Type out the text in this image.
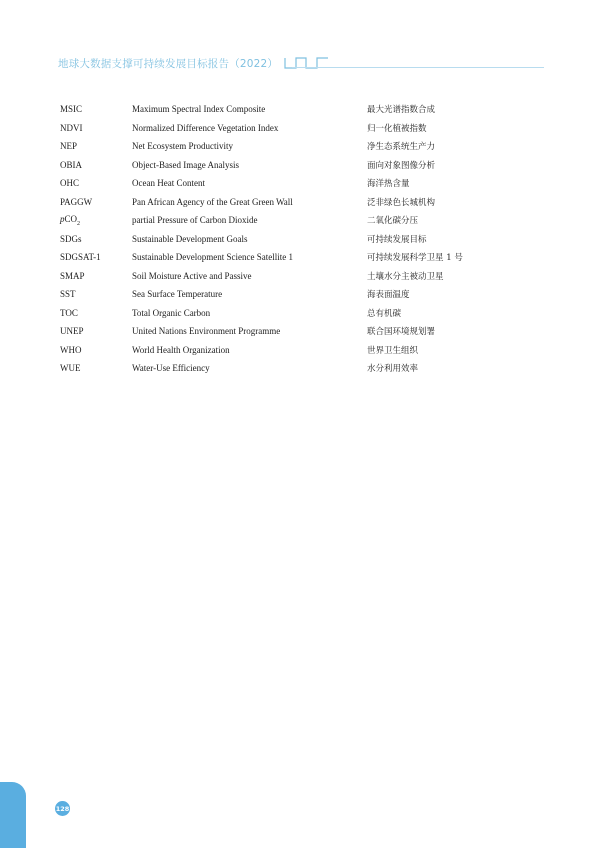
地球大数据支撑可持续发展目标报告（2022）
MSIC	Maximum Spectral Index Composite	最大光谱指数合成
NDVI	Normalized Difference Vegetation Index	归一化植被指数
NEP	Net Ecosystem Productivity	净生态系统生产力
OBIA	Object-Based Image Analysis	面向对象图像分析
OHC	Ocean Heat Content	海洋热含量
PAGGW	Pan African Agency of the Great Green Wall	泛非绿色长城机构
pCO$_2$	partial Pressure of Carbon Dioxide	二氧化碳分压
SDGs	Sustainable Development Goals	可持续发展目标
SDGSAT-1	Sustainable Development Science Satellite 1	可持续发展科学卫星 1 号
SMAP	Soil Moisture Active and Passive	土壤水分主被动卫星
SST	Sea Surface Temperature	海表面温度
TOC	Total Organic Carbon	总有机碳
UNEP	United Nations Environment Programme	联合国环境规划署
WHO	World Health Organization	世界卫生组织
WUE	Water-Use Efficiency	水分利用效率
128
